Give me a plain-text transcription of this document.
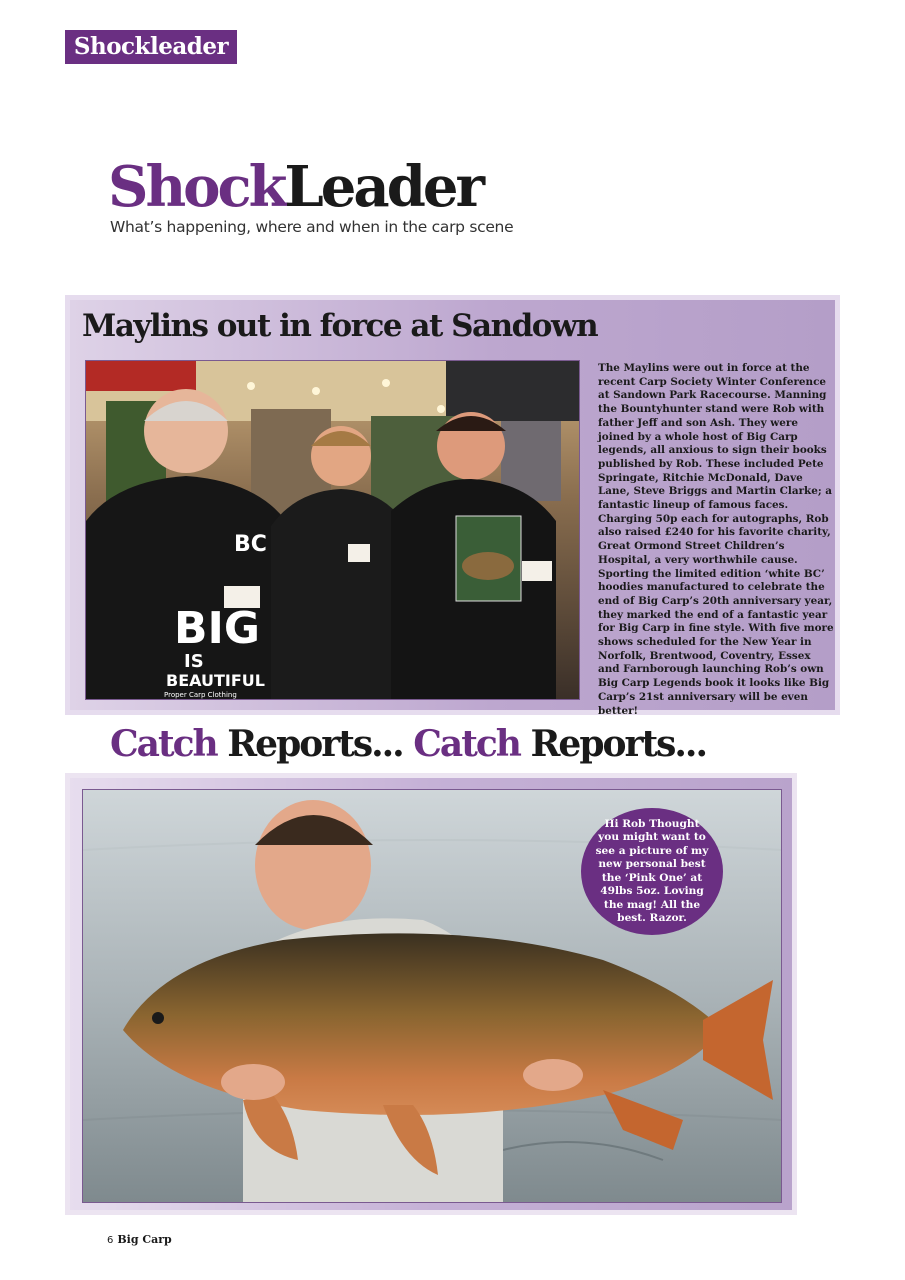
Shockleader
ShockLeader
What’s happening, where and when in the carp scene
Maylins out in force at Sandown
BC
BIG
IS
BEAUTIFUL
Proper Carp Clothing
The Maylins were out in force at the recent Carp Society Winter Conference at Sandown Park Racecourse. Manning the Bountyhunter stand were Rob with father Jeff and son Ash. They were joined by a whole host of Big Carp legends, all anxious to sign their books published by Rob. These included Pete Springate, Ritchie McDonald, Dave Lane, Steve Briggs and Martin Clarke; a fantastic lineup of famous faces. Charging 50p each for autographs, Rob also raised £240 for his favorite charity, Great Ormond Street Children’s Hospital, a very worthwhile cause. Sporting the limited edition ‘white BC’ hoodies manufactured to celebrate the end of Big Carp’s 20th anniversary year, they marked the end of a fantastic year for Big Carp in fine style. With five more shows scheduled for the New Year in Norfolk, Brentwood, Coventry, Essex and Farnborough launching Rob’s own Big Carp Legends book it looks like Big Carp’s 21st anniversary will be even better!
Catch Reports... Catch Reports...
Hi Rob Thought you might want to see a picture of my new personal best the ‘Pink One’ at 49lbs 5oz. Loving the mag! All the best. Razor.
6 Big Carp
